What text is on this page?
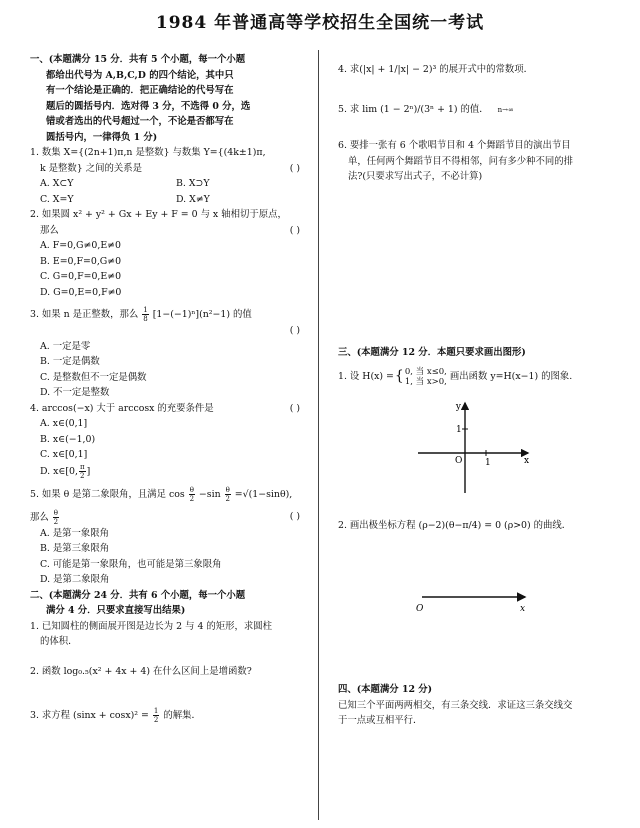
1984 年普通高等学校招生全国统一考试

一、(本题满分 15 分．共有 5 个小题，每一个小题

都给出代号为 A,B,C,D 的四个结论，其中只
有一个结论是正确的．把正确结论的代号写在
题后的圆括号内．选对得 3 分，不选得 0 分，选
错或者选出的代号超过一个，不论是否都写在
圆括号内，一律得负 1 分)
1. 数集 X={(2n+1)π,n 是整数} 与数集 Y={(4k±1)π,
k 是整数} 之间的关系是	( )
A. X⊂Y	B. X⊃Y
C. X=Y	D. X≠Y
2. 如果圆 x² + y² + Gx + Ey + F = 0 与 x 轴相切于原点，
那么	( )
A. F=0,G≠0,E≠0
B. E=0,F=0,G≠0
C. G=0,F=0,E≠0
D. G=0,E=0,F≠0
3. 如果 n 是正整数，那么 $\frac{1}{8} [1-(-1)^n](n^2-1)$ 的值
( )
A. 一定是零
B. 一定是偶数
C. 是整数但不一定是偶数
D. 不一定是整数
4. arccos(−x) 大于 arccosx 的充要条件是	( )
A. x∈(0,1]
B. x∈(−1,0)
C. x∈[0,1]
D. x∈[0, $\frac{\pi}{2}$ ]
5. 如果 θ 是第二象限角，且满足 $\cos \frac{\theta}{2} -\sin \frac{\theta}{2} =√(1-\sin\theta)$,
那么 $\frac{\theta}{2}$	( )
A. 是第一象限角
B. 是第三象限角
C. 可能是第一象限角，也可能是第三象限角
D. 是第二象限角

二、(本题满分 24 分．共有 6 个小题，每一个小题

满分 4 分．只要求直接写出结果)
1. 已知圆柱的侧面展开图是边长为 2 与 4 的矩形，求圆柱
的体积．
2. 函数 log₀.₅(x² + 4x + 4) 在什么区间上是增函数?
3. 求方程 $(\sin x + \cos x)^2 = \frac{1}{2}$ 的解集．
4. 求(|x| + 1/|x| − 2)³ 的展开式中的常数项．
5. 求 lim (1 − 2ⁿ)/(3ⁿ + 1) 的值． n→∞
6. 要排一张有 6 个歌唱节目和 4 个舞蹈节目的演出节目
单，任何两个舞蹈节目不得相邻，问有多少种不同的排
法?(只要求写出式子，不必计算)

三、(本题满分 12 分．本题只要求画出图形)

1. 设 H(x) = { 0, 当 x≤0,
1, 当 x>0, 画出函数 y=H(x−1) 的图象.
y
x
O	1
1
2. 画出极坐标方程 (ρ−2)(θ−π/4) = 0 (ρ>0) 的曲线．
O	x

四、(本题满分 12 分)

已知三个平面两两相交，有三条交线．求证这三条交线交
于一点或互相平行．
